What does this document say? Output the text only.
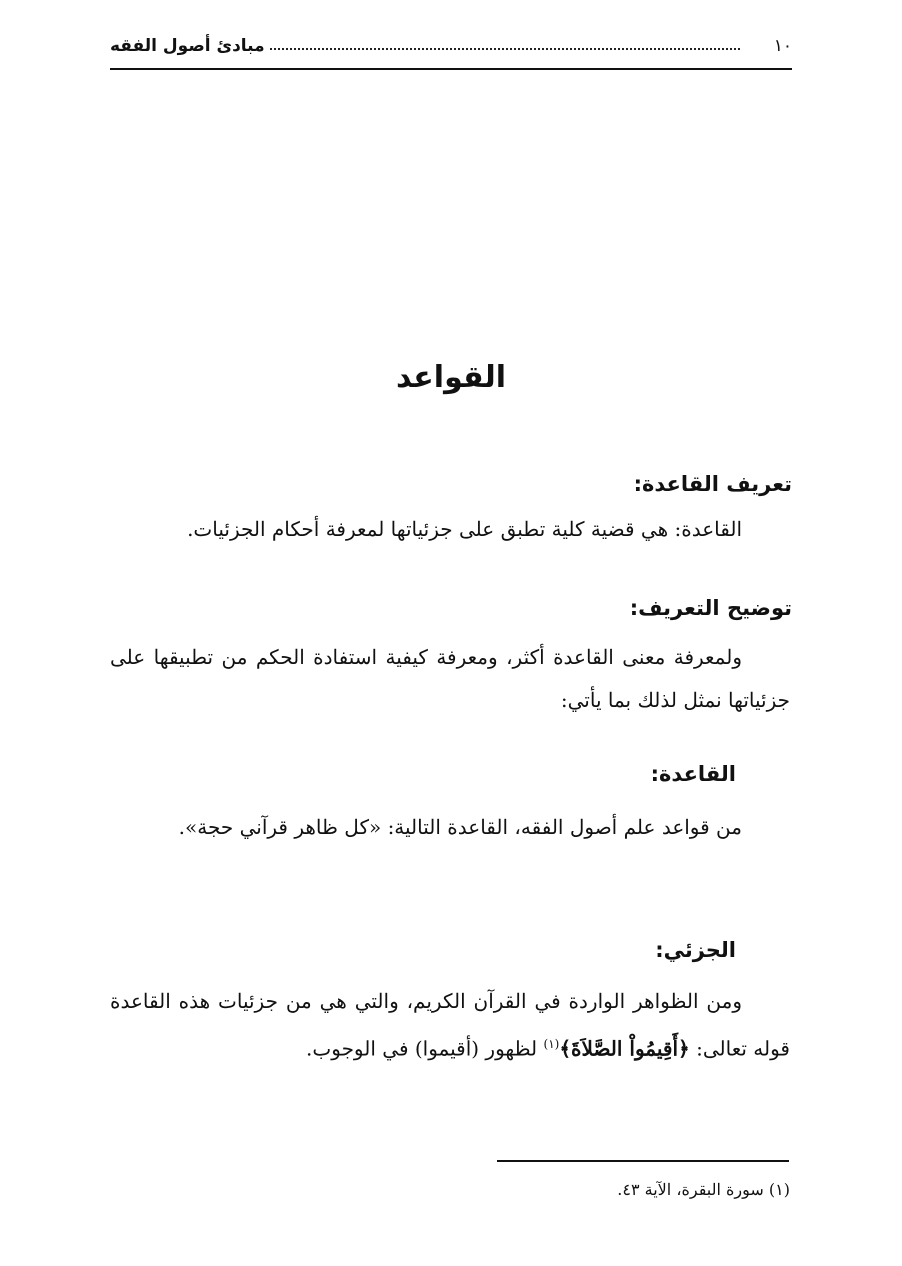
١٠
مبادئ أصول الفقه
القواعد
تعريف القاعدة:

القاعدة: هي قضية كلية تطبق على جزئياتها لمعرفة أحكام الجزئيات.

توضيح التعريف:

ولمعرفة معنى القاعدة أكثر، ومعرفة كيفية استفادة الحكم من تطبيقها على جزئياتها نمثل لذلك بما يأتي:

القاعدة:

من قواعد علم أصول الفقه، القاعدة التالية: «كل ظاهر قرآني حجة».

الجزئي:

ومن الظواهر الواردة في القرآن الكريم، والتي هي من جزئيات هذه القاعدة قوله تعالى: ﴿أَقِيمُواْ الصَّلاَةَ﴾$^{(١)}$ لظهور (أقيموا) في الوجوب.

(١) سورة البقرة، الآية ٤٣.
